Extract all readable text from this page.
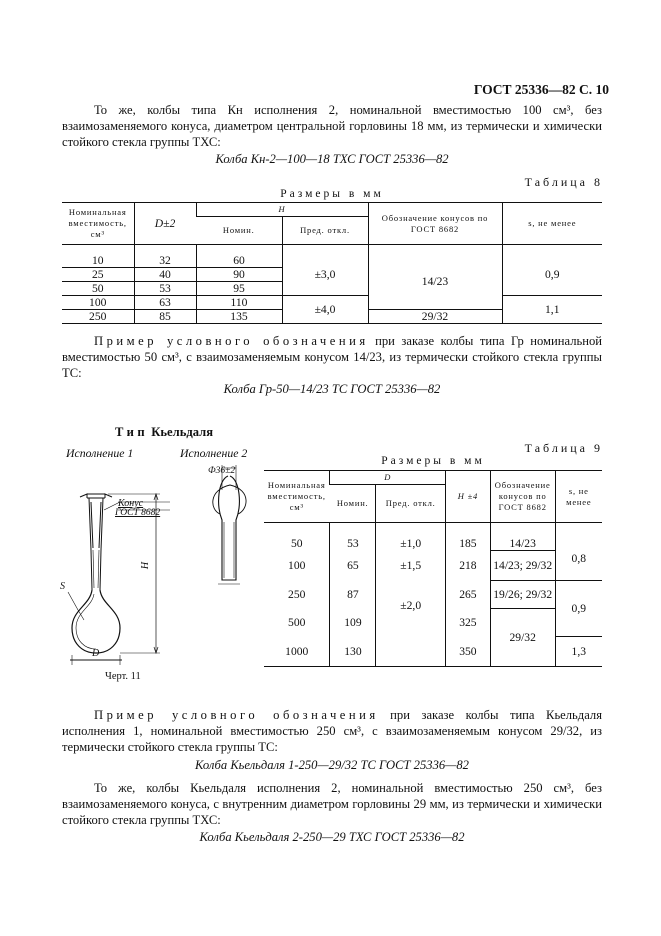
ГОСТ 25336—82 С. 10
То же, колбы типа Кн исполнения 2, номинальной вместимостью 100 см³, без взаимозаменяемого конуса, диаметром центральной горловины 18 мм, из термически и химически стойкого стекла группы ТХС:
Колба Кн-2—100—18 ТХС ГОСТ 25336—82
Таблица 8
Размеры в мм
Номинальная вместимость, см³	D±2	H		Обозначение конусов по ГОСТ 8682	s, не менее
		Номин.	Пред. откл.		

10	32	60	±3,0	14/23	0,9
25	40	90			
50	53	95			
100	63	110	±4,0		1,1
250	85	135		29/32	
Пример условного обозначения при заказе колбы типа Гр номинальной вместимостью 50 см³, с взаимозаменяемым конусом 14/23, из термически стойкого стекла группы ТС:
Колба Гр-50—14/23 ТС ГОСТ 25336—82
Тип Кьельдаля
Исполнение 1	Исполнение 2
Конус
ГОСТ 8682
Ф36±2
H
S
D
Черт. 11
Таблица 9
Размеры в мм
Номинальная вместимость, см³	D		H ±4	Обозначение конусов по ГОСТ 8682	s, не менее
	Номин.	Пред. откл.			

50	53	±1,0	185	14/23	0,8
100	65	±1,5	218	14/23; 29/32	
250	87	±2,0	265	19/26; 29/32	0,9
500	109		325	29/32	
1000	130		350		1,3
Пример условного обозначения при заказе колбы типа Кьельдаля исполнения 1, номинальной вместимостью 250 см³, с взаимозаменяемым конусом 29/32, из термически стойкого стекла группы ТС:
Колба Кьельдаля 1-250—29/32 ТС ГОСТ 25336—82
То же, колбы Кьельдаля исполнения 2, номинальной вместимостью 250 см³, без взаимозаменяемого конуса, с внутренним диаметром горловины 29 мм, из термически и химически стойкого стекла группы ТХС:
Колба Кьельдаля 2-250—29 ТХС ГОСТ 25336—82
